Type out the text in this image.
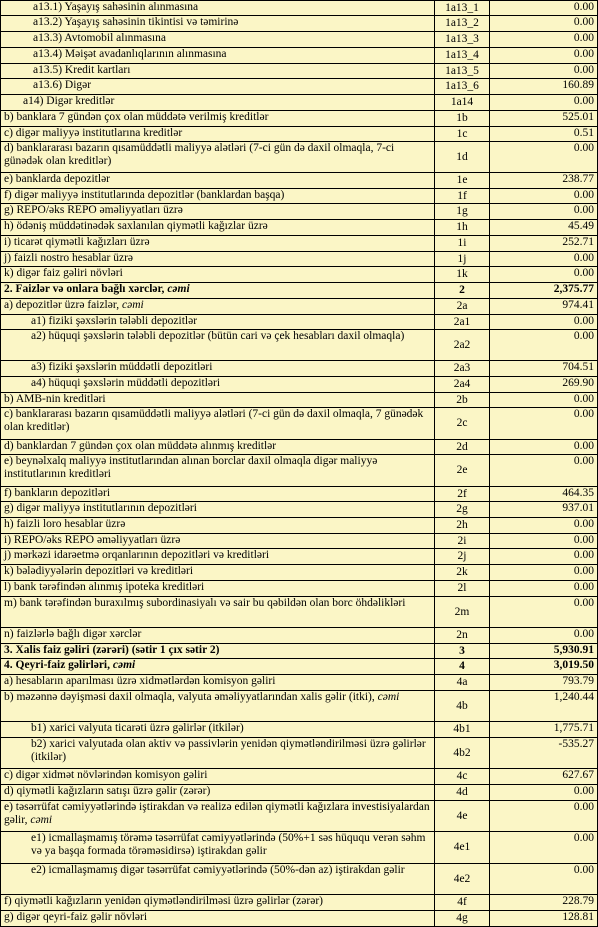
a13.1) Yaşayış sahəsinin alınmasına	1a13_1	0.00
a13.2) Yaşayış sahəsinin tikintisi və təmirinə	1a13_2	0.00
a13.3) Avtomobil alınmasına	1a13_3	0.00
a13.4) Məişət avadanlıqlarının alınmasına	1a13_4	0.00
a13.5) Kredit kartları	1a13_5	0.00
a13.6) Digər	1a13_6	160.89
a14) Digər kreditlər	1a14	0.00
b) banklara 7 gündən çox olan müddətə verilmiş kreditlər	1b	525.01
c) digər maliyyə institutlarına kreditlər	1c	0.51
d) banklararası bazarın qısamüddətli maliyyə alətləri (7-ci gün də daxil olmaqla, 7-ci günədək olan kreditlər)	1d	0.00
e) banklarda depozitlər	1e	238.77
f) digər maliyyə institutlarında depozitlər (banklardan başqa)	1f	0.00
g) REPO/əks REPO əməliyyatları üzrə	1g	0.00
h) ödəniş müddətinədək saxlanılan qiymətli kağızlar üzrə	1h	45.49
i) ticarət qiymətli kağızları üzrə	1i	252.71
j) faizli nostro hesablar üzrə	1j	0.00
k) digər faiz gəliri növləri	1k	0.00
2. Faizlər və onlara bağlı xərclər, cəmi	2	2,375.77
a) depozitlər üzrə faizlər, cəmi	2a	974.41
a1) fiziki şəxslərin tələbli depozitlər	2a1	0.00
a2) hüquqi şəxslərin tələbli depozitlər (bütün cari və çek hesabları daxil olmaqla)	2a2	0.00
a3) fiziki şəxslərin müddətli depozitləri	2a3	704.51
a4) hüquqi şəxslərin müddətli depozitləri	2a4	269.90
b) AMB-nin kreditləri	2b	0.00
c) banklararası bazarın qısamüddətli maliyyə alətləri (7-ci gün də daxil olmaqla, 7 günədək olan kreditlər)	2c	0.00
d) banklardan 7 gündən çox olan müddətə alınmış kreditlər	2d	0.00
e) beynəlxalq maliyyə institutlarından alınan borclar daxil olmaqla digər maliyyə institutlarının kreditləri	2e	0.00
f) bankların depozitləri	2f	464.35
g) digər maliyyə institutlarının depozitləri	2g	937.01
h) faizli loro hesablar üzrə	2h	0.00
i) REPO/əks REPO əməliyyatları üzrə	2i	0.00
j) mərkəzi idarəetmə orqanlarının depozitləri və kreditləri	2j	0.00
k) bələdiyyələrin depozitləri və kreditləri	2k	0.00
l) bank tərəfindən alınmış ipoteka kreditləri	2l	0.00
m) bank tərəfindən buraxılmış subordinasiyalı və sair bu qəbildən olan borc öhdəlikləri	2m	0.00
n) faizlərlə bağlı digər xərclər	2n	0.00
3. Xalis faiz gəliri (zərəri) (sətir 1 çıx sətir 2)	3	5,930.91
4. Qeyri-faiz gəlirləri, cəmi	4	3,019.50
a) hesabların aparılması üzrə xidmətlərdən komisyon gəliri	4a	793.79
b) məzənnə dəyişməsi daxil olmaqla, valyuta əməliyyatlarından xalis gəlir (itki), cəmi	4b	1,240.44
b1) xarici valyuta ticarəti üzrə gəlirlər (itkilər)	4b1	1,775.71
b2) xarici valyutada olan aktiv və passivlərin yenidən qiymətləndirilməsi üzrə gəlirlər (itkilər)	4b2	-535.27
c) digər xidmət növlərindən komisyon gəliri	4c	627.67
d) qiymətli kağızların satışı üzrə gəlir (zərər)	4d	0.00
e) təsərrüfat cəmiyyətlərində iştirakdan və realizə edilən qiymətli kağızlara investisiyalardan gəlir, cəmi	4e	0.00
e1) icmallaşmamış törəmə təsərrüfat cəmiyyətlərində (50%+1 səs hüququ verən səhm və ya başqa formada törəməsidirsə) iştirakdan gəlir	4e1	0.00
e2) icmallaşmamış digər təsərrüfat cəmiyyətlərində (50%-dən az) iştirakdan gəlir	4e2	0.00
f) qiymətli kağızların yenidən qiymətləndirilməsi üzrə gəlirlər (zərər)	4f	228.79
g) digər qeyri-faiz gəlir növləri	4g	128.81
